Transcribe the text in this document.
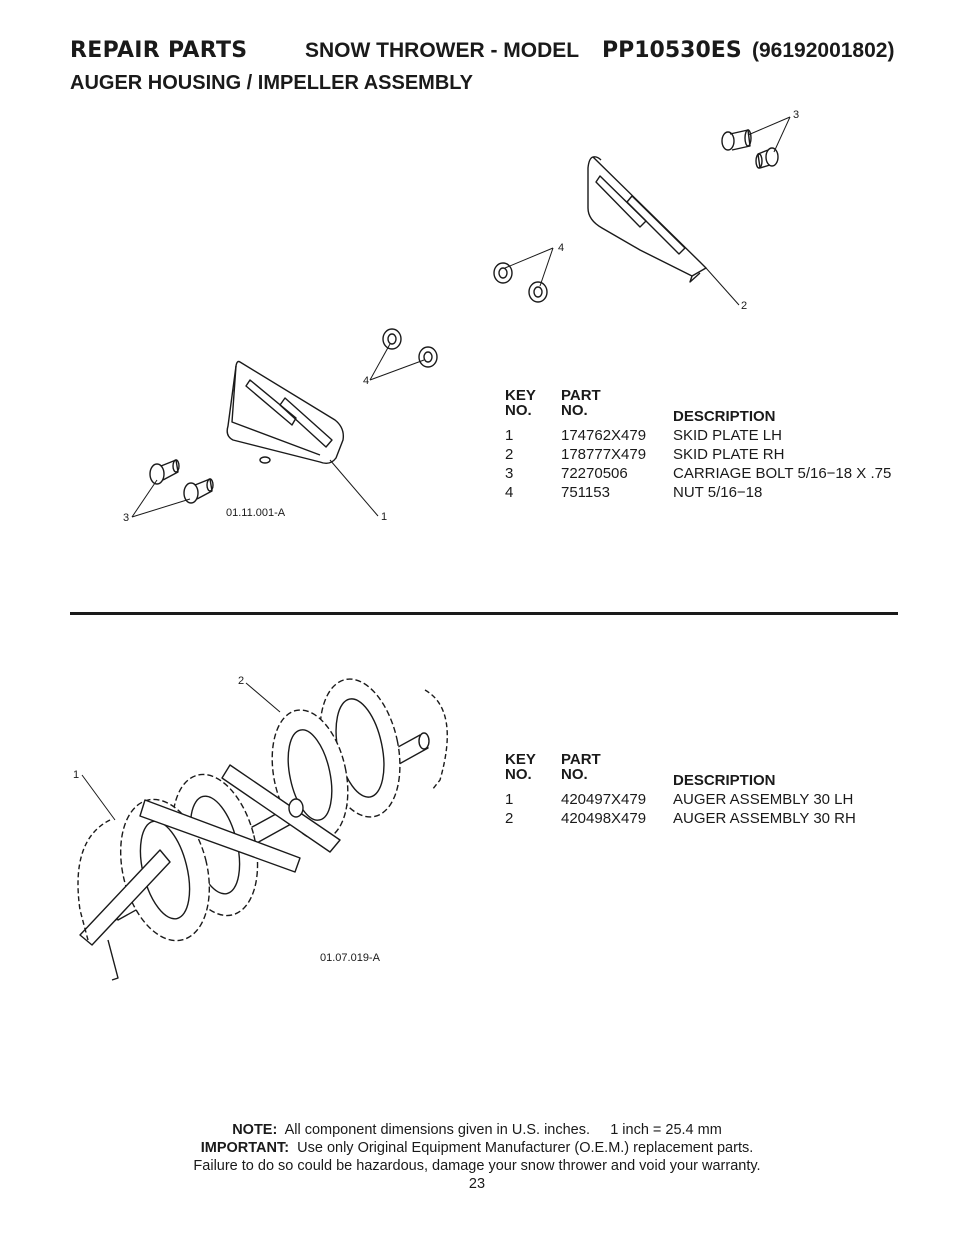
REPAIR PARTS	SNOW THROWER - MODEL PP10530ES (96192001802)
AUGER HOUSING / IMPELLER ASSEMBLY
3
4
2
4
3	1
01.11.001-A
KEY
NO.
PART
NO.	DESCRIPTION
1	174762X479 SKID PLATE LH
2	178777X479 SKID PLATE RH
3	72270506	CARRIAGE BOLT 5/16−18 X .75
4	751153	NUT 5/16−18
1
2
01.07.019-A
KEY
NO.
PART
NO.	DESCRIPTION
1	420497X479 AUGER ASSEMBLY 30 LH
2	420498X479 AUGER ASSEMBLY 30 RH
NOTE: All component dimensions given in U.S. inches. 1 inch = 25.4 mm
IMPORTANT: Use only Original Equipment Manufacturer (O.E.M.) replacement parts.
Failure to do so could be hazardous, damage your snow thrower and void your warranty.
23
